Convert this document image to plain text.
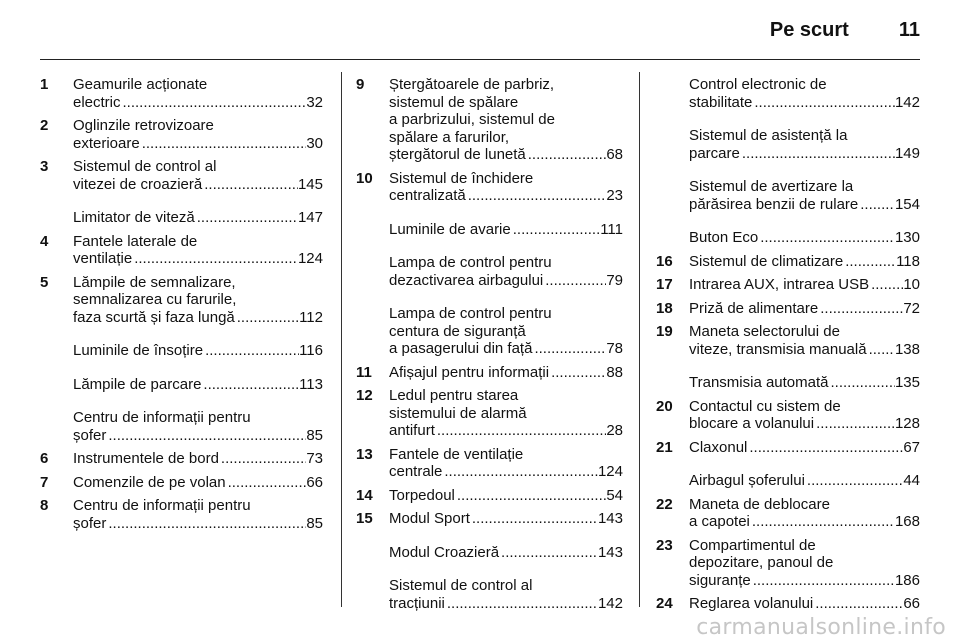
Pe scurt	11
1	Geamurile acționate
electric .....	32
2	Oglinzile retrovizoare
exterioare .....	30
3	Sistemul de control al
vitezei de croazieră .....	145
Limitator de viteză .....	147
4	Fantele laterale de
ventilație .....	124
5	Lămpile de semnalizare,
semnalizarea cu farurile,
faza scurtă și faza lungă .....	112
Luminile de însoțire .....	116
Lămpile de parcare .....	113
Centru de informații pentru
șofer .....	85
6	Instrumentele de bord .....	73
7	Comenzile de pe volan .....	66
8	Centru de informații pentru
șofer .....	85
9	Ștergătoarele de parbriz,
sistemul de spălare
a parbrizului, sistemul de
spălare a farurilor,
ștergătorul de lunetă .....	68
10	Sistemul de închidere
centralizată .....	23
Luminile de avarie .....	111
Lampa de control pentru
dezactivarea airbagului .....	79
Lampa de control pentru
centura de siguranță
a pasagerului din față .....	78
11	Afișajul pentru informații .....	88
12	Ledul pentru starea
sistemului de alarmă
antifurt .....	28
13	Fantele de ventilație
centrale .....	124
14	Torpedoul .....	54
15	Modul Sport .....	143
Modul Croazieră .....	143
Sistemul de control al
tracțiunii .....	142
Control electronic de
stabilitate .....	142
Sistemul de asistență la
parcare .....	149
Sistemul de avertizare la
părăsirea benzii de rulare ..... 154
Buton Eco .....	130
16	Sistemul de climatizare .....	118
17	Intrarea AUX, intrarea USB ..... 10
18	Priză de alimentare .....	72
19	Maneta selectorului de
viteze, transmisia manuală ..... 138
Transmisia automată .....	135
20	Contactul cu sistem de
blocare a volanului .....	128
21	Claxonul .....	67
Airbagul șoferului .....	44
22	Maneta de deblocare
a capotei .....	168
23	Compartimentul de
depozitare, panoul de
siguranțe .....	186
24	Reglarea volanului .....	66
carmanualsonline.info
